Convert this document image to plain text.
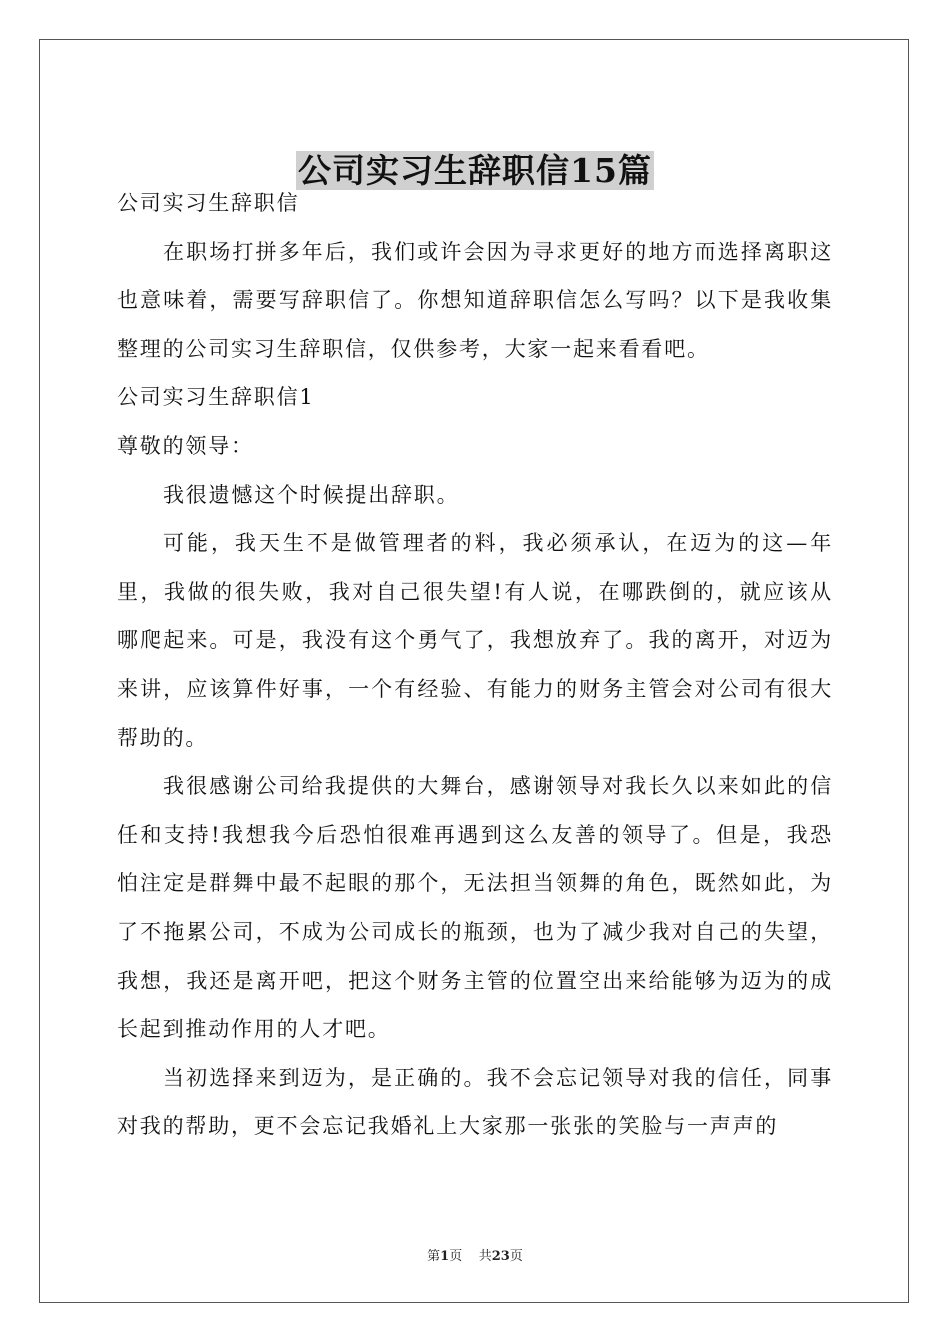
公司实习生辞职信15篇

公司实习生辞职信

在职场打拼多年后，我们或许会因为寻求更好的地方而选择离职这也意味着，需要写辞职信了。你想知道辞职信怎么写吗？以下是我收集整理的公司实习生辞职信，仅供参考，大家一起来看看吧。

公司实习生辞职信1

尊敬的领导：

我很遗憾这个时候提出辞职。

可能，我天生不是做管理者的料，我必须承认，在迈为的这—年里，我做的很失败，我对自己很失望!有人说，在哪跌倒的，就应该从哪爬起来。可是，我没有这个勇气了，我想放弃了。我的离开，对迈为来讲，应该算件好事，一个有经验、有能力的财务主管会对公司有很大帮助的。

我很感谢公司给我提供的大舞台，感谢领导对我长久以来如此的信任和支持!我想我今后恐怕很难再遇到这么友善的领导了。但是，我恐怕注定是群舞中最不起眼的那个，无法担当领舞的角色，既然如此，为了不拖累公司，不成为公司成长的瓶颈，也为了减少我对自己的失望，我想，我还是离开吧，把这个财务主管的位置空出来给能够为迈为的成长起到推动作用的人才吧。

当初选择来到迈为，是正确的。我不会忘记领导对我的信任，同事对我的帮助，更不会忘记我婚礼上大家那一张张的笑脸与一声声的

第1页 共23页
